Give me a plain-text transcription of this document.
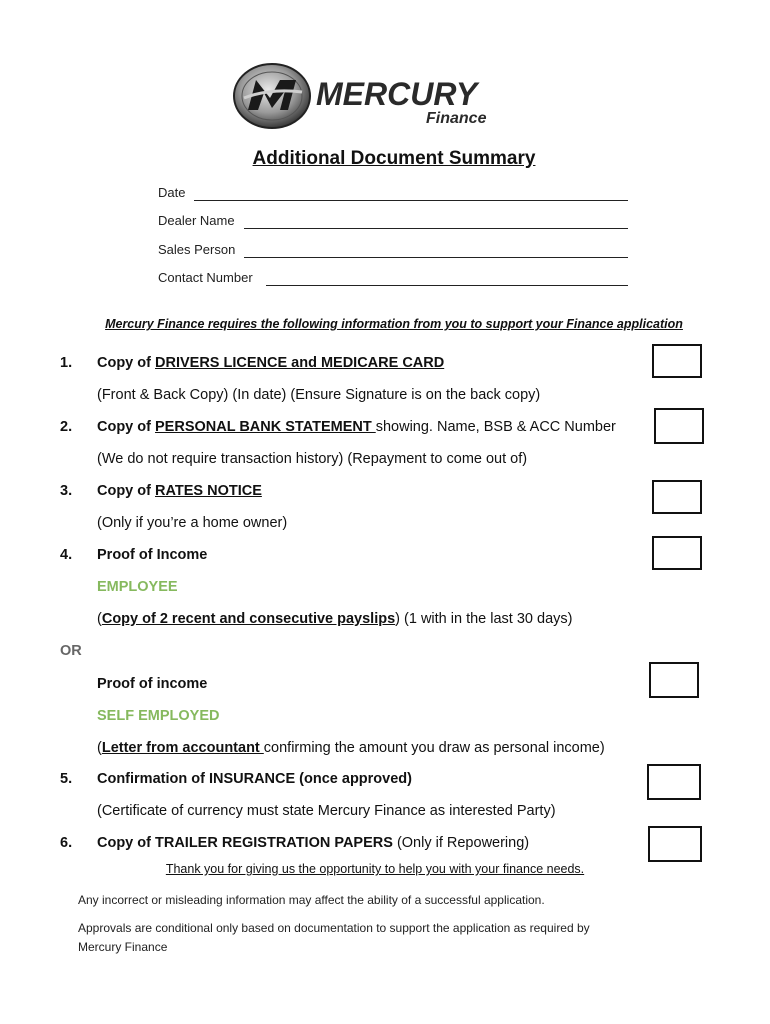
MERCURY
Finance
Additional Document Summary
Date
Dealer Name
Sales Person
Contact Number
Mercury Finance requires the following information from you to support your Finance application
1. Copy of DRIVERS LICENCE and MEDICARE CARD
(Front & Back Copy) (In date) (Ensure Signature is on the back copy)
2. Copy of PERSONAL BANK STATEMENT showing. Name, BSB & ACC Number
(We do not require transaction history) (Repayment to come out of)
3. Copy of RATES NOTICE
(Only if you’re a home owner)
4. Proof of Income
EMPLOYEE
(Copy of 2 recent and consecutive payslips) (1 with in the last 30 days)
OR
Proof of income
SELF EMPLOYED
(Letter from accountant confirming the amount you draw as personal income)
5. Confirmation of INSURANCE (once approved)
(Certificate of currency must state Mercury Finance as interested Party)
6. Copy of TRAILER REGISTRATION PAPERS (Only if Repowering)
Thank you for giving us the opportunity to help you with your finance needs.
Any incorrect or misleading information may affect the ability of a successful application.
Approvals are conditional only based on documentation to support the application as required by
Mercury Finance
